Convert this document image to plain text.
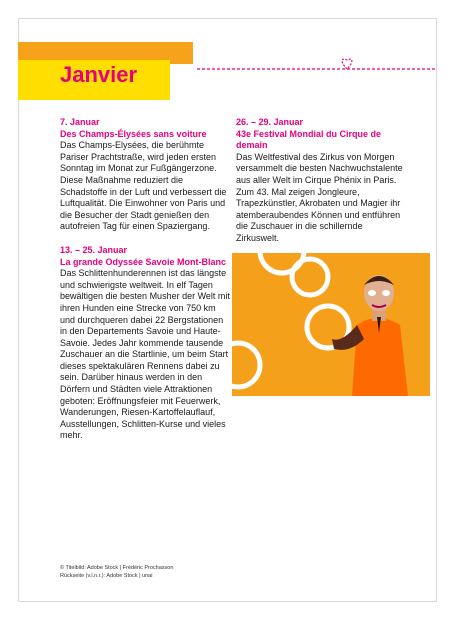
Janvier
7. Januar
Des Champs-Élysées sans voiture

Das Champs-Elysées, die berühmte Pariser Prachtstraße, wird jeden ersten Sonntag im Monat zur Fußgängerzone. Diese Maßnahme reduziert die Schadstoffe in der Luft und verbessert die Luftqualität. Die Einwohner von Paris und die Besucher der Stadt genießen den autofreien Tag für einen Spaziergang.

13. – 25. Januar
La grande Odyssée Savoie Mont-Blanc

Das Schlittenhunderennen ist das längste und schwierigste weltweit. In elf Tagen bewältigen die besten Musher der Welt mit ihren Hunden eine Strecke von 750 km und durchqueren dabei 22 Bergstationen in den Departements Savoie und Haute-Savoie. Jedes Jahr kommende tausende Zuschauer an die Startlinie, um beim Start dieses spektakulären Rennens dabei zu sein. Darüber hinaus werden in den Dörfern und Städten viele Attraktionen geboten: Eröffnungsfeier mit Feuerwerk, Wanderungen, Riesen-Kartoffelauflauf, Ausstellungen, Schlitten-Kurse und vieles mehr.

26. – 29. Januar
43e Festival Mondial du Cirque de demain

Das Weltfestival des Zirkus von Morgen versammelt die besten Nachwuchstalente aus aller Welt im Cirque Phénix in Paris. Zum 43. Mal zeigen Jongleure, Trapezkünstler, Akrobaten und Magier ihr atemberaubendes Können und entführen die Zuschauer in die schillernde Zirkuswelt.

© Titelbild: Adobe Stock | Frédéric Prochasson
Rückseite (v.l.n.r.): Adobe Stock | unai
